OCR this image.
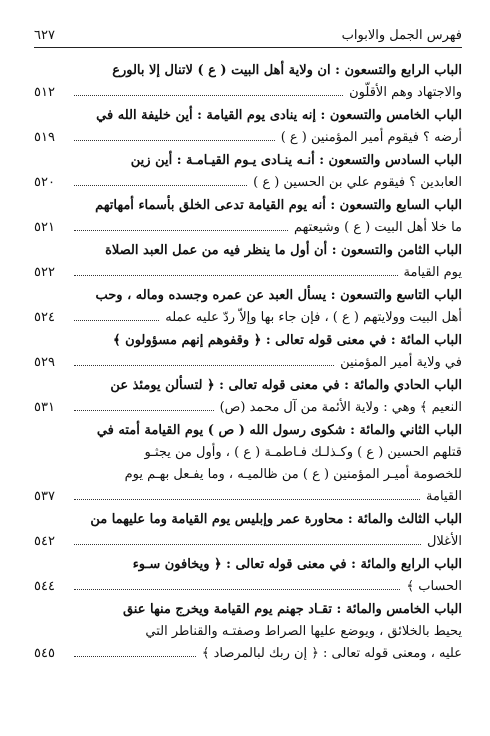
فهرس الجمل والابواب
٦٢٧
الباب الرابع والتسعون : ان ولاية أهل البيت ( ع ) لاتنال إلا بالورع
والاجتهاد وهم الأقلّون
٥١٢
الباب الخامس والتسعون : إنه ينادى يوم القيامة : أين خليفة الله في
أرضه ؟ فيقوم أمير المؤمنين ( ع )
٥١٩
الباب السادس والتسعون : أنـه ينـادى يـوم القيـامـة : أين زين
العابدين ؟ فيقوم علي بن الحسين ( ع )
٥٢٠
الباب السابع والتسعون : أنه يوم القيامة تدعى الخلق بأسماء أمهاتهم
ما خلا أهل البيت ( ع ) وشيعتهم
٥٢١
الباب الثامن والتسعون : أن أول ما ينظر فيه من عمل العبد الصلاة
يوم القيامة
٥٢٢
الباب التاسع والتسعون : يسأل العبد عن عمره وجسده وماله ، وحب
أهل البيت وولايتهم ( ع ) ، فإن جاء بها وإلاّ ردّ عليه عمله
٥٢٤
الباب المائة : في معنى قوله تعالى : ﴿ وقفوهم إنهم مسؤولون ﴾
في ولاية أمير المؤمنين
٥٢٩
الباب الحادي والمائة : في معنى قوله تعالى : ﴿ لتسألن يومئذ عن
النعيم ﴾ وهي : ولاية الأئمة من آل محمد (ص)
٥٣١
الباب الثاني والمائة : شكوى رسول الله ( ص ) يوم القيامة أمته في
قتلهم الحسين ( ع ) وكـذلـك فـاطمـة ( ع ) ، وأول من يجثـو
للخصومة أميـر المؤمنين ( ع ) من ظالميـه ، وما يفـعل بهـم يوم
القيامة
٥٣٧
الباب الثالث والمائة : محاورة عمر وإبليس يوم القيامة وما عليهما من
الأغلال
٥٤٢
الباب الرابع والمائة : في معنى قوله تعالى : ﴿ ويخافون سـوء
الحساب ﴾
٥٤٤
الباب الخامس والمائة : تقـاد جهنم يوم القيامة ويخرج منها عنق
يحيط بالخلائق ، ويوضع عليها الصراط وصفتـه والقناطر التي
عليه ، ومعنى قوله تعالى : ﴿ إن ربك لبالمرصاد ﴾
٥٤٥
